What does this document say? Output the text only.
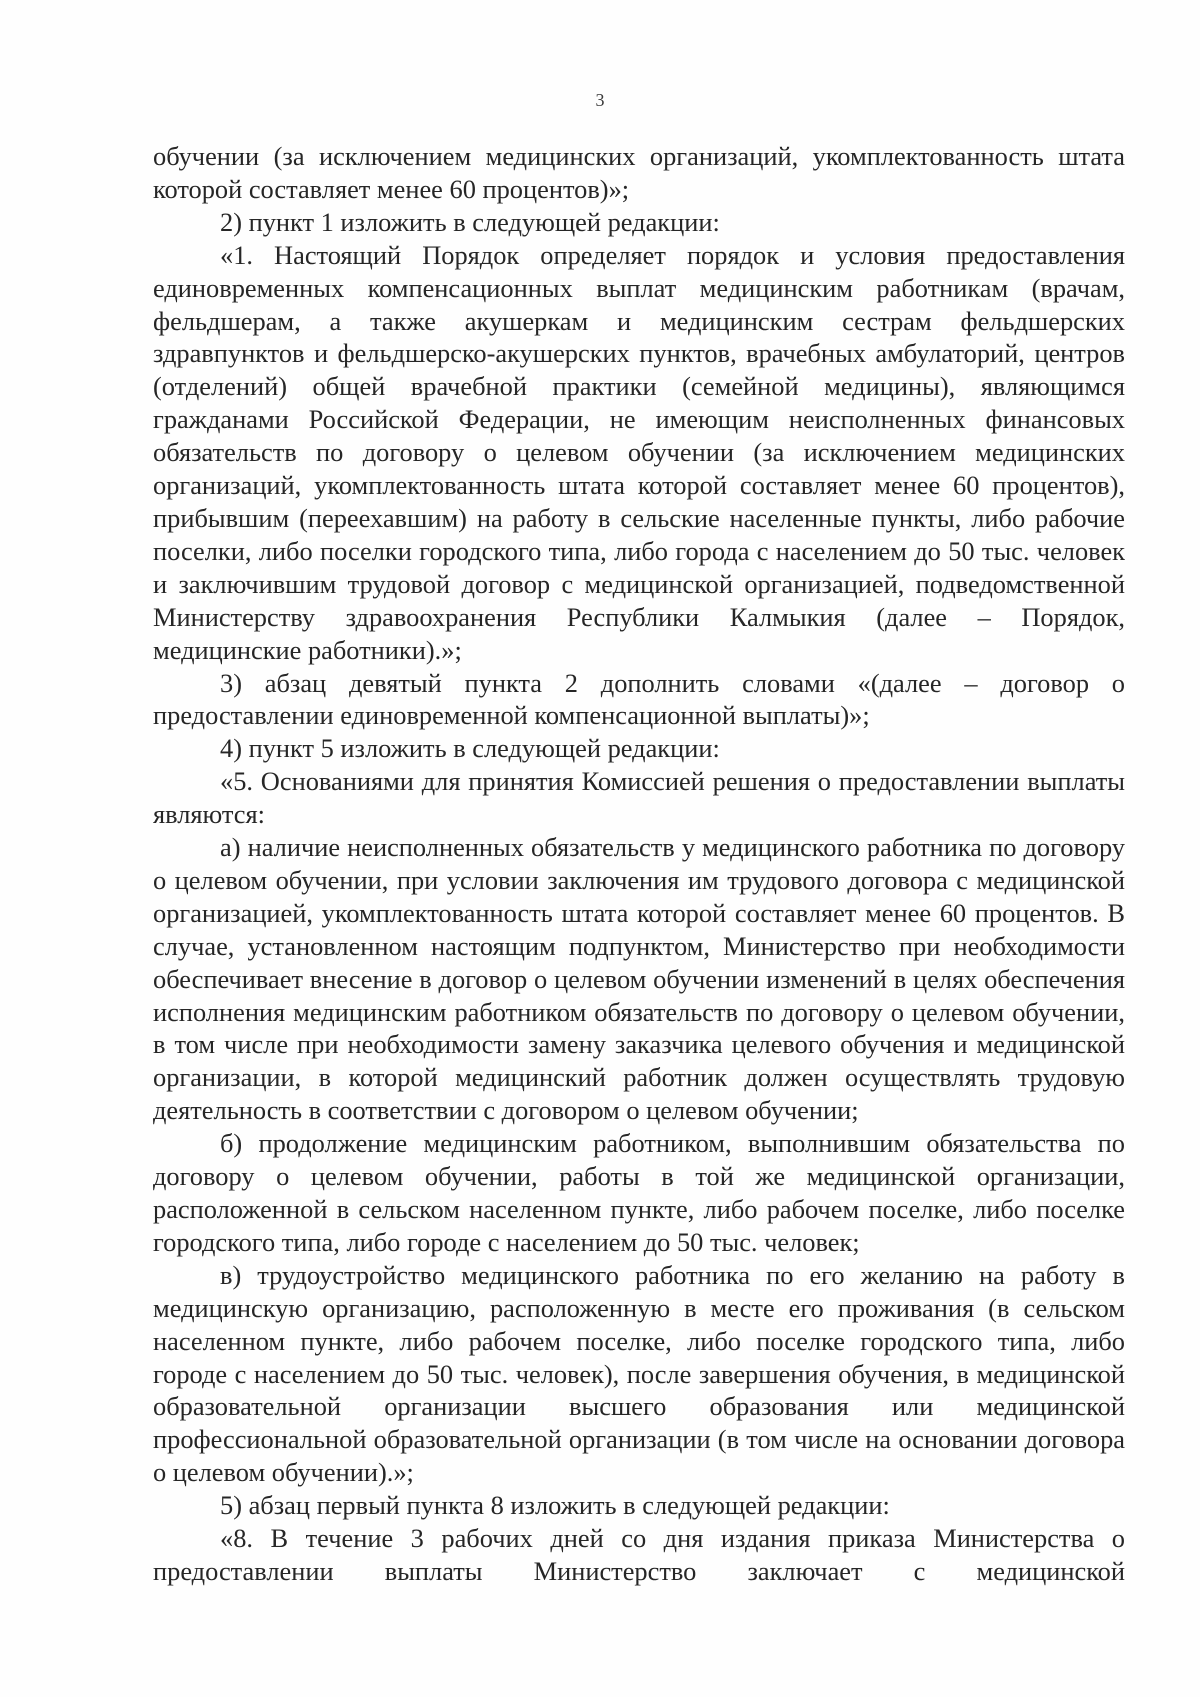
3

обучении (за исключением медицинских организаций, укомплектованность штата которой составляет менее 60 процентов)»;

2) пункт 1 изложить в следующей редакции:

«1. Настоящий Порядок определяет порядок и условия предоставления единовременных компенсационных выплат медицинским работникам (врачам, фельдшерам, а также акушеркам и медицинским сестрам фельдшерских здравпунктов и фельдшерско-акушерских пунктов, врачебных амбулаторий, центров (отделений) общей врачебной практики (семейной медицины), являющимся гражданами Российской Федерации, не имеющим неисполненных финансовых обязательств по договору о целевом обучении (за исключением медицинских организаций, укомплектованность штата которой составляет менее 60 процентов), прибывшим (переехавшим) на работу в сельские населенные пункты, либо рабочие поселки, либо поселки городского типа, либо города с населением до 50 тыс. человек и заключившим трудовой договор с медицинской организацией, подведомственной Министерству здравоохранения Республики Калмыкия (далее – Порядок, медицинские работники).»;

3) абзац девятый пункта 2 дополнить словами «(далее – договор о предоставлении единовременной компенсационной выплаты)»;

4) пункт 5 изложить в следующей редакции:

«5. Основаниями для принятия Комиссией решения о предоставлении выплаты являются:

а) наличие неисполненных обязательств у медицинского работника по договору о целевом обучении, при условии заключения им трудового договора с медицинской организацией, укомплектованность штата которой составляет менее 60 процентов. В случае, установленном настоящим подпунктом, Министерство при необходимости обеспечивает внесение в договор о целевом обучении изменений в целях обеспечения исполнения медицинским работником обязательств по договору о целевом обучении, в том числе при необходимости замену заказчика целевого обучения и медицинской организации, в которой медицинский работник должен осуществлять трудовую деятельность в соответствии с договором о целевом обучении;

б) продолжение медицинским работником, выполнившим обязательства по договору о целевом обучении, работы в той же медицинской организации, расположенной в сельском населенном пункте, либо рабочем поселке, либо поселке городского типа, либо городе с населением до 50 тыс. человек;

в) трудоустройство медицинского работника по его желанию на работу в медицинскую организацию, расположенную в месте его проживания (в сельском населенном пункте, либо рабочем поселке, либо поселке городского типа, либо городе с населением до 50 тыс. человек), после завершения обучения, в медицинской образовательной организации высшего образования или медицинской профессиональной образовательной организации (в том числе на основании договора о целевом обучении).»;

5) абзац первый пункта 8 изложить в следующей редакции:

«8. В течение 3 рабочих дней со дня издания приказа Министерства о предоставлении выплаты Министерство заключает с медицинской
